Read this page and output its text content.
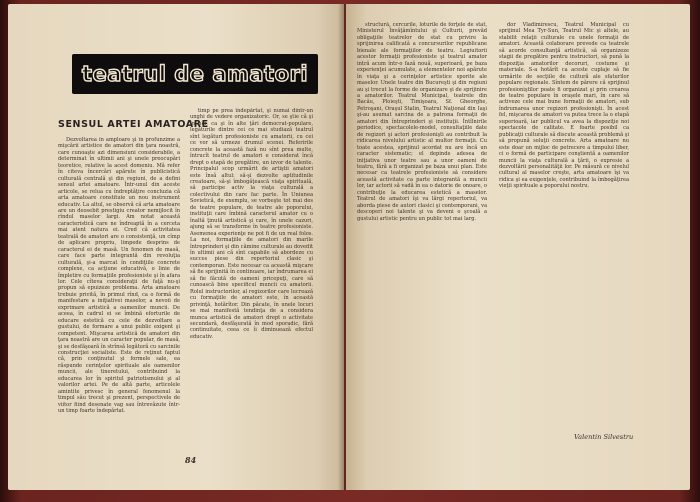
teatrul de amatori
SENSUL ARTEI AMATOARE

Dezvoltarea în amploare şi în profunzime a mişcării artistice de amatori din ţara noastră, care cunoaşte azi dimensiuni considerabile, a determinat în ultimii ani şi unele preocupări teoretice, relative la acest domeniu. Mă refer în citeva încercări apărute în publicistică culturală centrală şi din regiuni, de a defini sensul artei amatoare. Într-unul din aceste articole, se relua cu îndreptăţire concluzia că arta amatoare constituie un nou instrument educativ. La altul, se observă că arta amatoare are un deosebit prestigiu creator nemijlocit în rîndul maselor largi. Am notat această caracteristică care ne îndreaptă în a cerceta mai atent natura ei. Cred că activitatea teatrală de amatori are o consistenţă, un cîmp de aplicare propriu, limpede desprins de caracterul ei de masă. Un fenomen de masă, care face parte integrantă din revoluţia culturală, şi-a marcat în condiţiile concrete complexe, ca acţiune educativă, o linie de împletire cu formaţiile profesioniste şi în afara lor. Cele cîteva consideraţii de faţă nu-şi propun să epuizeze problema. Arta amatoare trebuie privită, în primul rînd, ca o formă de manifestare a iniţiativei maselor, a nevoii de exprimare artistică a oamenilor muncii. De aceea, în cadrul ei se îmbină eforturile de educare estetică cu cele de dezvoltare a gustului, de formare a unui public exigent şi competent. Mişcarea artistică de amatori din ţara noastră are un caracter popular, de masă, şi se desfăşoară în strînsă legătură cu sarcinile construcţiei socialiste. Este de reţinut faptul că, prin conţinutul şi formele sale, ea răspunde cerinţelor spirituale ale oamenilor muncii, ale tineretului, contribuind la educarea lor în spiritul patriotismului şi al valorilor artei. Pe de altă parte, articolele amintite privesc în general fenomenul la timpul său trecut şi prezent, perspectivele de viitor fiind desenate vag sau întrevăzute într-un timp foarte îndepărtat.

timp pe prea îndepărtat, şi numai dintr-un unghi de vedere organizatoric. Or, se ştie că şi în noi, ca şi în alte ţări democrat-populare, legăturile dintre cei ce mai studiază teatrul sînt legături profesioniste cu amatorii, cu cei ce vor să urmeze drumul scenei. Referirile concrete la această fază nu sînt prea multe, întrucît teatrul de amatori e considerat încă drept o etapă de pregătire, un izvor de talente. Principalul scop urmărit de artiştii amatori este însă altul: să-şi dezvolte aptitudinile creatoare, să-şi îmbogăţească viaţa spirituală, să participe activ la viaţa culturală a colectivului din care fac parte. În Uniunea Sovietică, de exemplu, se vorbeşte tot mai des de teatre populare, de teatre ale poporului, instituţii care îmbină caracterul amator cu o înaltă ţinută artistică şi care, în unele cazuri, ajung să se transforme în teatre profesioniste. Asemenea experienţe ne pot fi de un real folos. La noi, formaţiile de amatori din marile întreprinderi şi din cămine culturale au dovedit în ultimii ani că sînt capabile să abordeze cu succes piese din repertoriul clasic şi contemporan. Este necesar ca această mişcare să fie sprijinită în continuare, iar îndrumarea ei să fie făcută de oameni pricepuţi, care să cunoască bine specificul muncii cu amatorii. Rolul instructorilor, al regizorilor care lucrează cu formaţiile de amatori este, în această privinţă, hotărîtor. Din păcate, în unele locuri se mai manifestă tendinţa de a considera munca artistică de amatori drept o activitate secundară, desfăşurată în mod sporadic, fără continuitate, ceea ce îi diminuează efectul educativ.

84

structură, cercurile, loturile de forţele de stat, Ministerul Învăţămîntului şi Culturii, prevăd obligaţiile teatrelor de stat cu privire la sprijinirea calificată a concursurilor republicane bienale ale formaţiilor de teatru. Legiuitorii acestor formaţii profesioniste şi teatrul amator intră acum într-o fază nouă, superioară, pe baza experienţei acumulate, a elementelor noi apărute în viaţa şi a cerinţelor artistice sporite ale maselor. Unele teatre din Bucureşti şi din regiuni au şi trecut la forme de organizare şi de sprijinire a amatorilor. Teatrul Municipal, teatrele din Bacău, Ploieşti, Timişoara, Sf. Gheorghe, Petroşani, Oraşul Stalin, Teatrul Naţional din Iaşi şi-au asumat sarcina de a patrona formaţii de amatori din întreprinderi şi instituţii. Întîlnirile periodice, spectacolele-model, consultaţiile date de regizori şi actori profesionişti au contribuit la ridicarea nivelului artistic al multor formaţii. Cu toate acestea, sprijinul acordat nu are încă un caracter sistematic; el depinde adesea de iniţiativa unor teatre sau a unor oameni de teatru, fără a fi organizat pe baza unui plan. Este necesar ca teatrele profesioniste să considere această activitate ca parte integrantă a muncii lor, iar actorii să vadă în ea o datorie de onoare, o contribuţie la educarea estetică a maselor. Teatrul de amatori îşi va lărgi repertoriul, va aborda piese de autori clasici şi contemporani, va descoperi noi talente şi va deveni o şcoală a gustului artistic pentru un public tot mai larg.

dor Vladimirescu, Teatrul Municipal cu sprijinul Mea Tyr-Sun, Teatrul Mic şi altele, au stabilit relaţii culturale cu unele formaţii de amatori. Această colaborare prevede ca teatrele să acorde consultanţă artistică, să organizeze stagii de pregătire pentru instructori, să pună la dispoziţia amatorilor decoruri, costume şi materiale. S-a hotărît ca aceste cuplaje să fie urmărite de secţiile de cultură ale sfaturilor populare regionale. Sîntem de părere că sprijinul profesioniştilor poate fi organizat şi prin crearea de teatre populare în oraşele mari, în care să activeze cele mai bune formaţii de amatori, sub îndrumarea unor regizori profesionişti. În acest fel, mişcarea de amatori va putea trece la o etapă superioară, iar publicul va avea la dispoziţie noi spectacole de calitate. E foarte posibil ca publicaţii culturale să discute această problemă şi să propună soluţii concrete. Arta amatoare nu este doar un mijloc de petrecere a timpului liber, ci o formă de participare conştientă a oamenilor muncii la viaţa culturală a ţării, o expresie a dezvoltării personalităţii lor. Pe măsură ce nivelul cultural al maselor creşte, arta amatoare îşi va ridica şi ea exigenţele, contribuind la îmbogăţirea vieţii spirituale a poporului nostru.

Valentin Silvestru
